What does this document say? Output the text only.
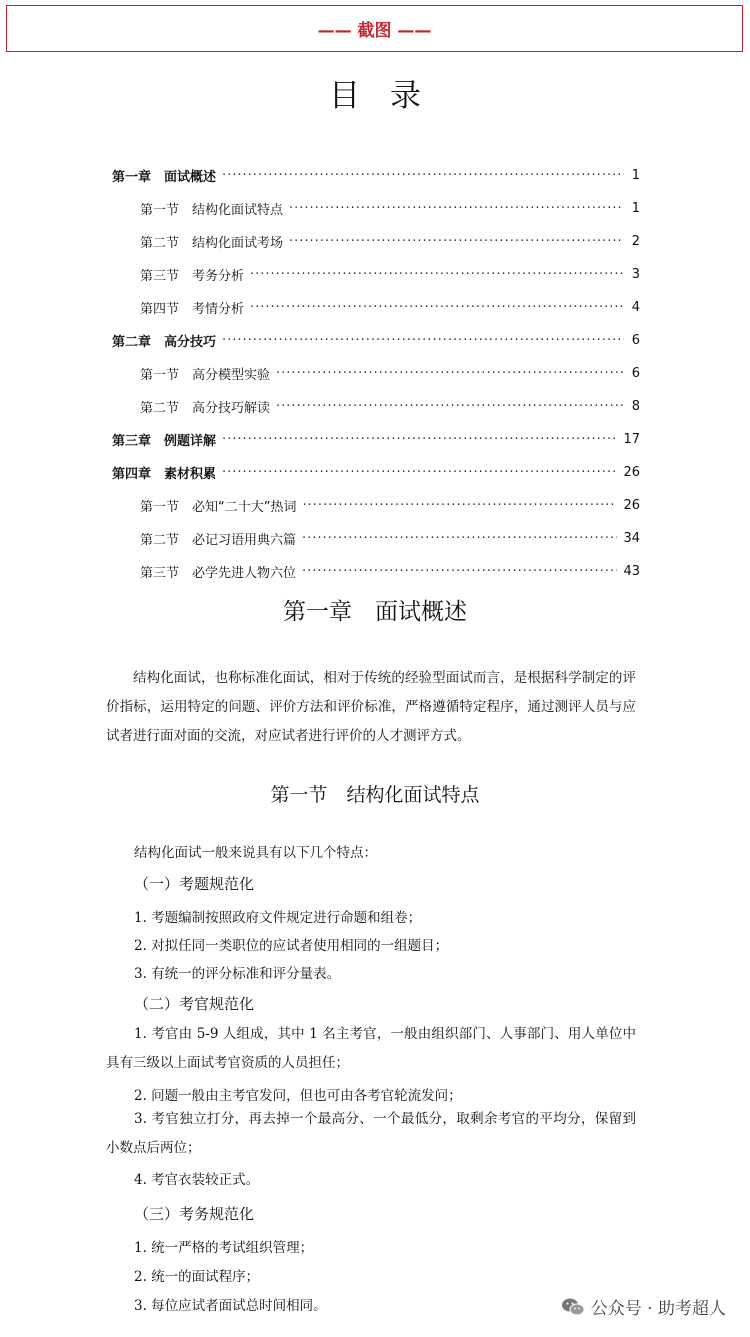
—— 截图 ——
目录
第一章　面试概述 ·····	1
第一节　结构化面试特点 ·····	1
第二节　结构化面试考场 ·····	2
第三节　考务分析 ·····	3
第四节　考情分析 ·····	4
第二章　高分技巧 ·····	6
第一节　高分模型实验 ·····	6
第二节　高分技巧解读 ·····	8
第三章　例题详解 ·····	17
第四章　素材积累 ·····	26
第一节　必知“二十大”热词 ·····	26
第二节　必记习语用典六篇 ·····	34
第三节　必学先进人物六位 ·····	43
第一章　面试概述
结构化面试，也称标准化面试，相对于传统的经验型面试而言，是根据科学制定的评价指标，运用特定的问题、评价方法和评价标准，严格遵循特定程序，通过测评人员与应试者进行面对面的交流，对应试者进行评价的人才测评方式。
第一节　结构化面试特点
结构化面试一般来说具有以下几个特点：
（一）考题规范化
1. 考题编制按照政府文件规定进行命题和组卷；
2. 对拟任同一类职位的应试者使用相同的一组题目；
3. 有统一的评分标准和评分量表。
（二）考官规范化
1. 考官由 5-9 人组成，其中 1 名主考官，一般由组织部门、人事部门、用人单位中具有三级以上面试考官资质的人员担任；
2. 问题一般由主考官发问，但也可由各考官轮流发问；
3. 考官独立打分，再去掉一个最高分、一个最低分，取剩余考官的平均分，保留到小数点后两位；
4. 考官衣装较正式。
（三）考务规范化
1. 统一严格的考试组织管理；
2. 统一的面试程序；
3. 每位应试者面试总时间相同。	公众号 · 助考超人
